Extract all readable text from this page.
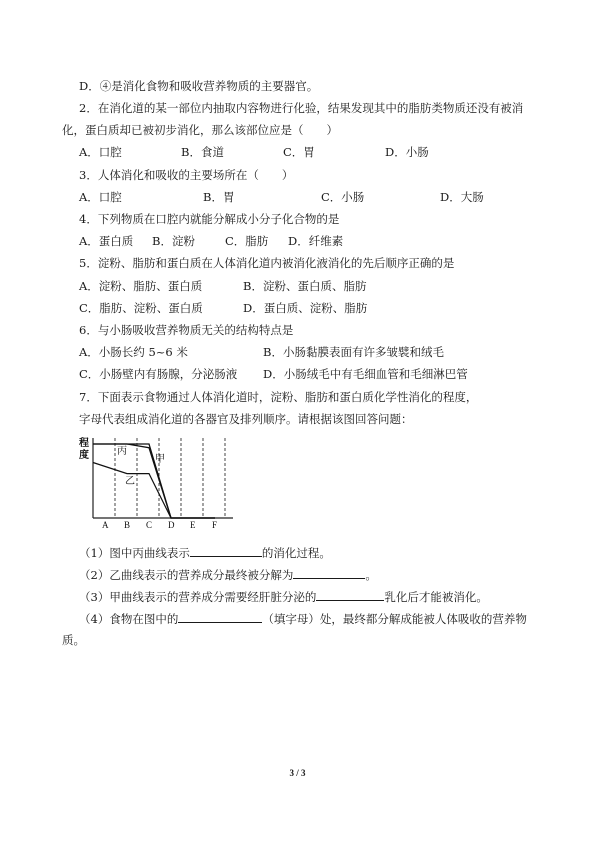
D．④是消化食物和吸收营养物质的主要器官。
2．在消化道的某一部位内抽取内容物进行化验，结果发现其中的脂肪类物质还没有被消
化，蛋白质却已被初步消化，那么该部位应是（　　）
A．口腔	B．食道	C．胃	D．小肠
3．人体消化和吸收的主要场所在（　　）
A．口腔	B．胃	C．小肠	D．大肠
4．下列物质在口腔内就能分解成小分子化合物的是
A．蛋白质 B．淀粉	C．脂肪 D．纤维素
5．淀粉、脂肪和蛋白质在人体消化道内被消化液消化的先后顺序正确的是
A．淀粉、脂肪、蛋白质	B．淀粉、蛋白质、脂肪
C．脂肪、淀粉、蛋白质	D．蛋白质、淀粉、脂肪
6．与小肠吸收营养物质无关的结构特点是
A．小肠长约 5~6 米	B．小肠黏膜表面有许多皱襞和绒毛
C．小肠壁内有肠腺，分泌肠液 D．小肠绒毛中有毛细血管和毛细淋巴管
7．下面表示食物通过人体消化道时，淀粉、脂肪和蛋白质化学性消化的程度，
字母代表组成消化道的各器官及排列顺序。请根据该图回答问题：
程
度
A B C D E F
丙
甲
乙
（1）图中丙曲线表示	的消化过程。
（2）乙曲线表示的营养成分最终被分解为	。
（3）甲曲线表示的营养成分需要经肝脏分泌的	乳化后才能被消化。
（4）食物在图中的	（填字母）处，最终都分解成能被人体吸收的营养物
质。
3 / 3
